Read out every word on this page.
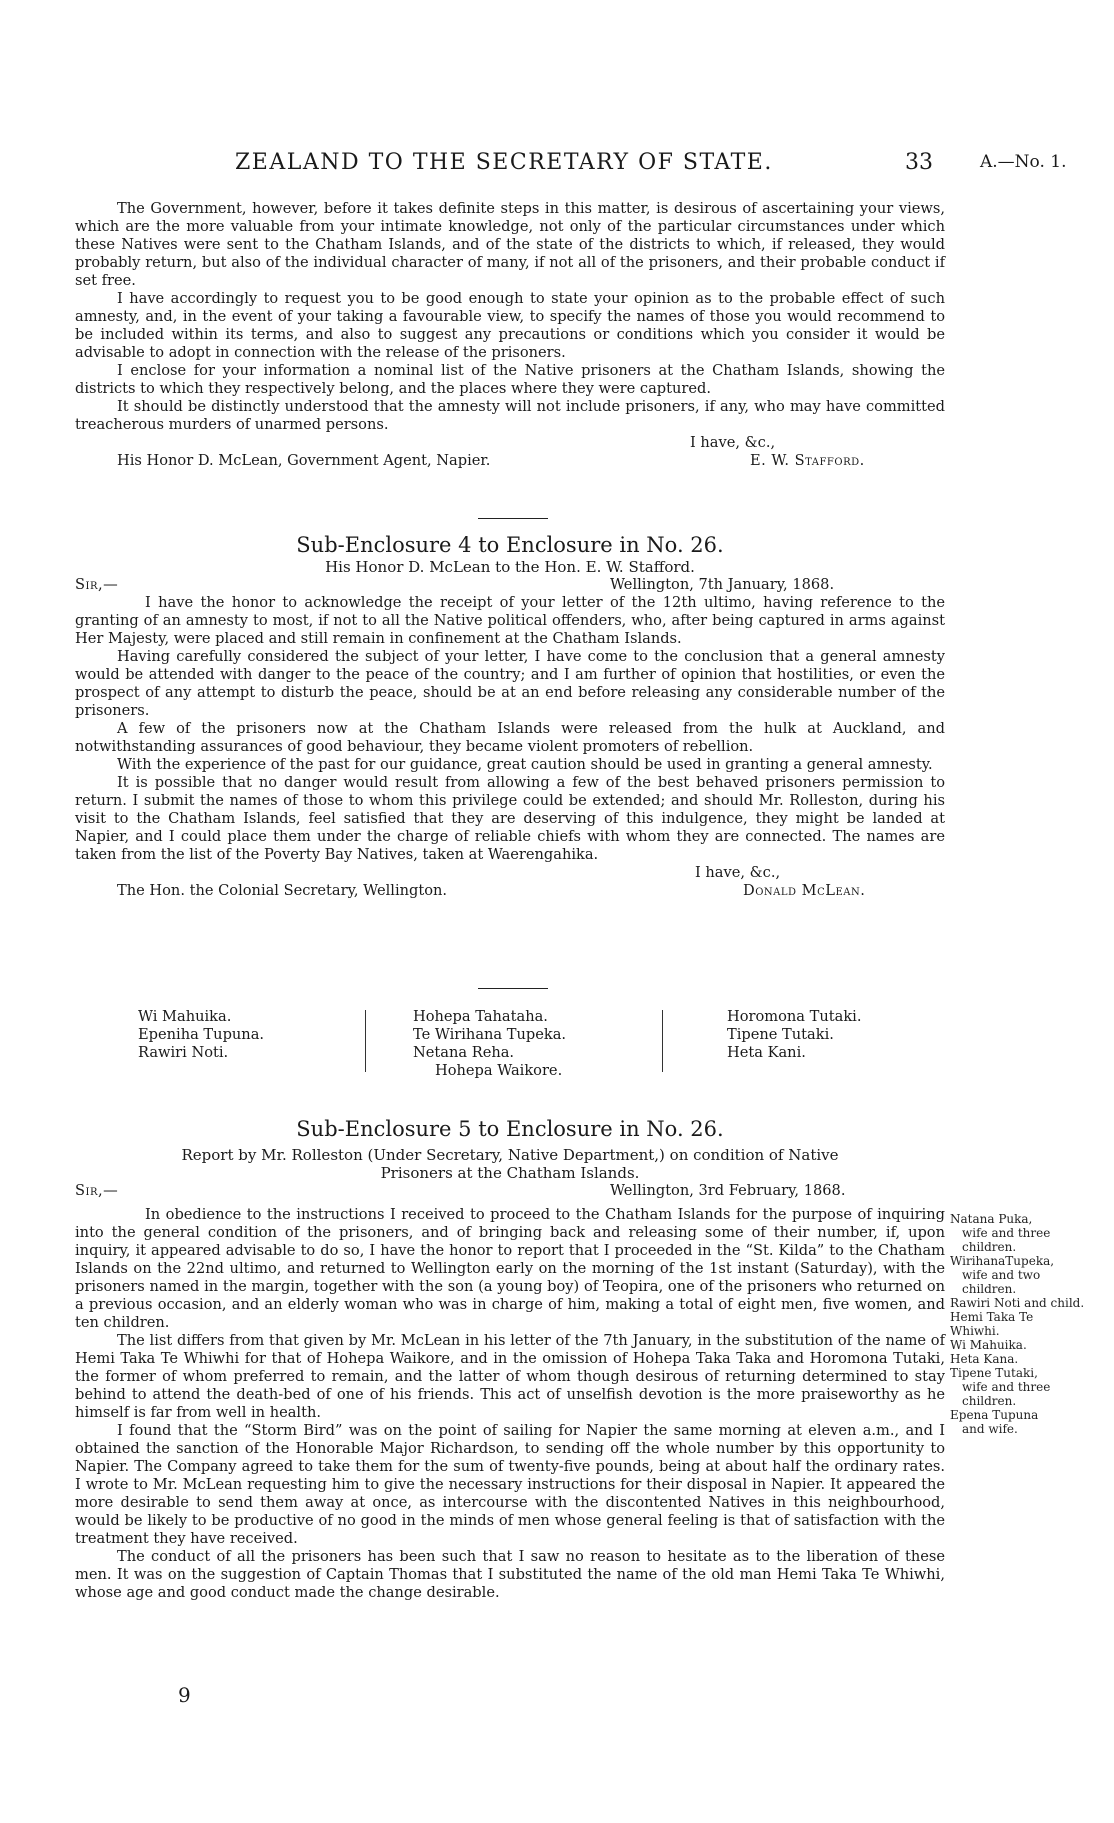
ZEALAND TO THE SECRETARY OF STATE.	33	A.—No. 1.

The Government, however, before it takes definite steps in this matter, is desirous of ascertaining your views, which are the more valuable from your intimate knowledge, not only of the particular circumstances under which these Natives were sent to the Chatham Islands, and of the state of the districts to which, if released, they would probably return, but also of the individual character of many, if not all of the prisoners, and their probable conduct if set free.

I have accordingly to request you to be good enough to state your opinion as to the probable effect of such amnesty, and, in the event of your taking a favourable view, to specify the names of those you would recommend to be included within its terms, and also to suggest any precautions or conditions which you consider it would be advisable to adopt in connection with the release of the prisoners.

I enclose for your information a nominal list of the Native prisoners at the Chatham Islands, showing the districts to which they respectively belong, and the places where they were captured.

It should be distinctly understood that the amnesty will not include prisoners, if any, who may have committed treacherous murders of unarmed persons.

I have, &c.,
His Honor D. McLean, Government Agent, Napier.	E. W. Stafford.
Sub-Enclosure 4 to Enclosure in No. 26.
His Honor D. McLean to the Hon. E. W. Stafford.
Sir,—	Wellington, 7th January, 1868.

I have the honor to acknowledge the receipt of your letter of the 12th ultimo, having reference to the granting of an amnesty to most, if not to all the Native political offenders, who, after being captured in arms against Her Majesty, were placed and still remain in confinement at the Chatham Islands.

Having carefully considered the subject of your letter, I have come to the conclusion that a general amnesty would be attended with danger to the peace of the country; and I am further of opinion that hostilities, or even the prospect of any attempt to disturb the peace, should be at an end before releasing any considerable number of the prisoners.

A few of the prisoners now at the Chatham Islands were released from the hulk at Auckland, and notwithstanding assurances of good behaviour, they became violent promoters of rebellion.

With the experience of the past for our guidance, great caution should be used in granting a general amnesty.

It is possible that no danger would result from allowing a few of the best behaved prisoners permission to return. I submit the names of those to whom this privilege could be extended; and should Mr. Rolleston, during his visit to the Chatham Islands, feel satisfied that they are deserving of this indulgence, they might be landed at Napier, and I could place them under the charge of reliable chiefs with whom they are connected. The names are taken from the list of the Poverty Bay Natives, taken at Waerengahika.

I have, &c.,
The Hon. the Colonial Secretary, Wellington.	Donald McLean.
Wi Mahuika.
Epeniha Tupuna.
Rawiri Noti.
Hohepa Tahataha.
Te Wirihana Tupeka.
Netana Reha.
Hohepa Waikore.
Horomona Tutaki.
Tipene Tutaki.
Heta Kani.
Sub-Enclosure 5 to Enclosure in No. 26.
Report by Mr. Rolleston (Under Secretary, Native Department,) on condition of Native
Prisoners at the Chatham Islands.
Sir,—	Wellington, 3rd February, 1868.

In obedience to the instructions I received to proceed to the Chatham Islands for the purpose of inquiring into the general condition of the prisoners, and of bringing back and releasing some of their number, if, upon inquiry, it appeared advisable to do so, I have the honor to report that I proceeded in the “St. Kilda” to the Chatham Islands on the 22nd ultimo, and returned to Wellington early on the morning of the 1st instant (Saturday), with the prisoners named in the margin, together with the son (a young boy) of Teopira, one of the prisoners who returned on a previous occasion, and an elderly woman who was in charge of him, making a total of eight men, five women, and ten children.

The list differs from that given by Mr. McLean in his letter of the 7th January, in the substitution of the name of Hemi Taka Te Whiwhi for that of Hohepa Waikore, and in the omission of Hohepa Taka Taka and Horomona Tutaki, the former of whom preferred to remain, and the latter of whom though desirous of returning determined to stay behind to attend the death-bed of one of his friends. This act of unselfish devotion is the more praiseworthy as he himself is far from well in health.

I found that the “Storm Bird” was on the point of sailing for Napier the same morning at eleven a.m., and I obtained the sanction of the Honorable Major Richardson, to sending off the whole number by this opportunity to Napier. The Company agreed to take them for the sum of twenty-five pounds, being at about half the ordinary rates. I wrote to Mr. McLean requesting him to give the necessary instructions for their disposal in Napier. It appeared the more desirable to send them away at once, as intercourse with the discontented Natives in this neighbourhood, would be likely to be productive of no good in the minds of men whose general feeling is that of satisfaction with the treatment they have received.

The conduct of all the prisoners has been such that I saw no reason to hesitate as to the liberation of these men. It was on the suggestion of Captain Thomas that I substituted the name of the old man Hemi Taka Te Whiwhi, whose age and good conduct made the change desirable.

Natana Puka,
wife and three children.
WirihanaTupeka,
wife and two children.
Rawiri Noti and child.
Hemi Taka Te Whiwhi.
Wi Mahuika.
Heta Kana.
Tipene Tutaki,
wife and three children.
Epena Tupuna
and wife.
9
